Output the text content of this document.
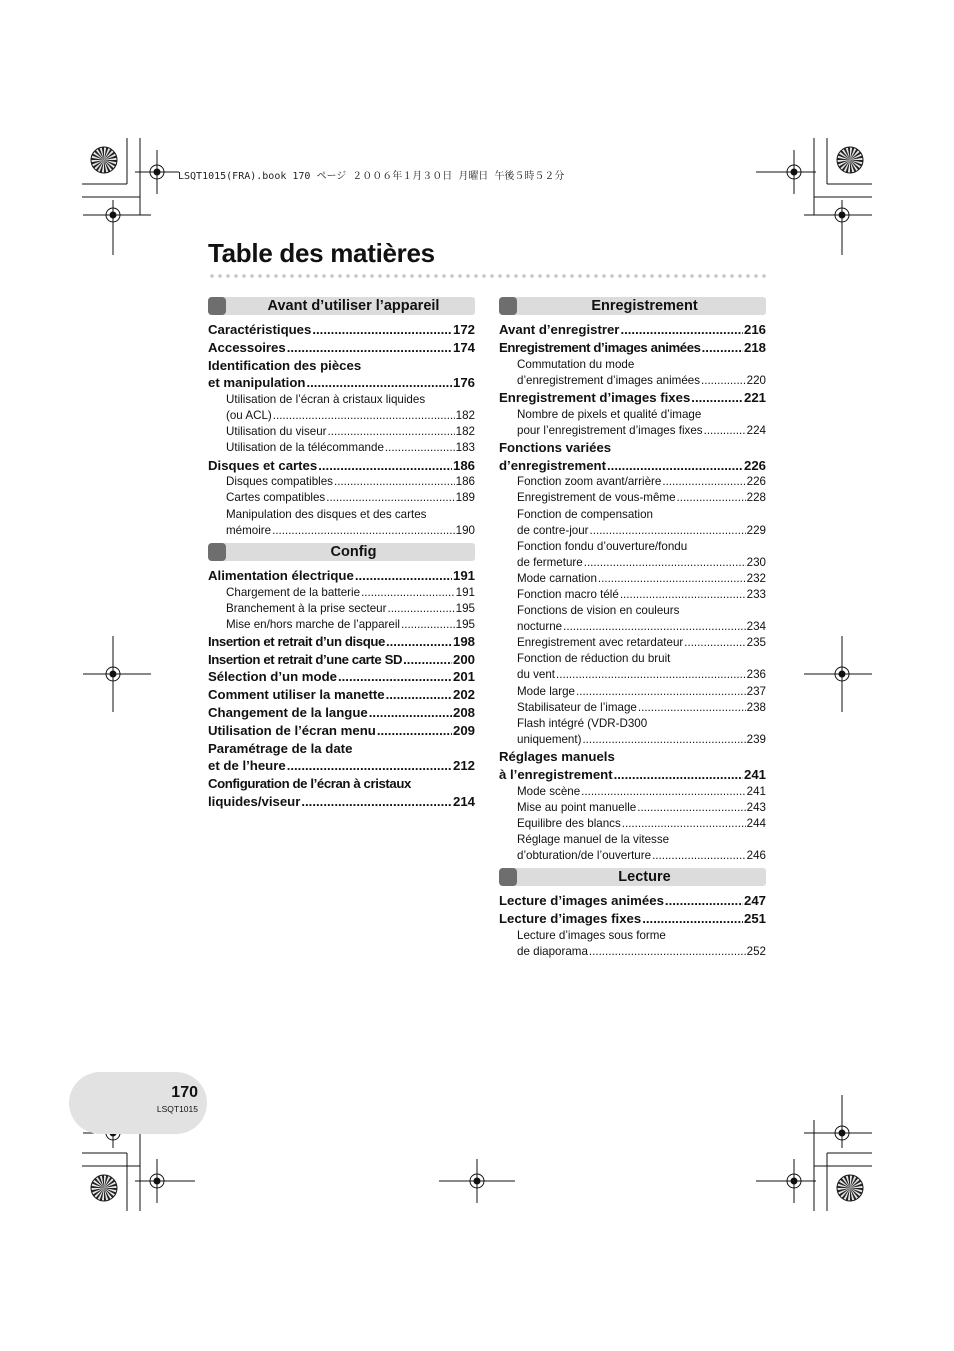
LSQT1015(FRA).book 170 ページ ２００６年１月３０日 月曜日 午後５時５２分
Table des matières
Avant d’utiliser l’appareil
Caractéristiques .....	172
Accessoires .....	174
Identification des pièces
et manipulation .....	176
Utilisation de l’écran à cristaux liquides
(ou ACL) .....	182
Utilisation du viseur .....	182
Utilisation de la télécommande .....	183
Disques et cartes .....	186
Disques compatibles .....	186
Cartes compatibles .....	189
Manipulation des disques et des cartes
mémoire .....	190
Config
Alimentation électrique .....	191
Chargement de la batterie .....	191
Branchement à la prise secteur .....	195
Mise en/hors marche de l’appareil .....	195
Insertion et retrait d’un disque .....	198
Insertion et retrait d’une carte SD .....	200
Sélection d’un mode .....	201
Comment utiliser la manette .....	202
Changement de la langue .....	208
Utilisation de l’écran menu .....	209
Paramétrage de la date
et de l’heure .....	212
Configuration de l’écran à cristaux
liquides/viseur .....	214
Enregistrement
Avant d’enregistrer .....	216
Enregistrement d’images animées .....	218
Commutation du mode
d’enregistrement d’images animées .....	220
Enregistrement d’images fixes .....	221
Nombre de pixels et qualité d’image
pour l’enregistrement d’images fixes .....	224
Fonctions variées
d’enregistrement .....	226
Fonction zoom avant/arrière .....	226
Enregistrement de vous-même .....	228
Fonction de compensation
de contre-jour .....	229
Fonction fondu d’ouverture/fondu
de fermeture .....	230
Mode carnation .....	232
Fonction macro télé .....	233
Fonctions de vision en couleurs
nocturne .....	234
Enregistrement avec retardateur .....	235
Fonction de réduction du bruit
du vent .....	236
Mode large .....	237
Stabilisateur de l’image .....	238
Flash intégré (VDR-D300
uniquement) .....	239
Réglages manuels
à l’enregistrement .....	241
Mode scène .....	241
Mise au point manuelle .....	243
Equilibre des blancs .....	244
Réglage manuel de la vitesse
d’obturation/de l’ouverture .....	246
Lecture
Lecture d’images animées .....	247
Lecture d’images fixes .....	251
Lecture d’images sous forme
de diaporama .....	252
170
LSQT1015
